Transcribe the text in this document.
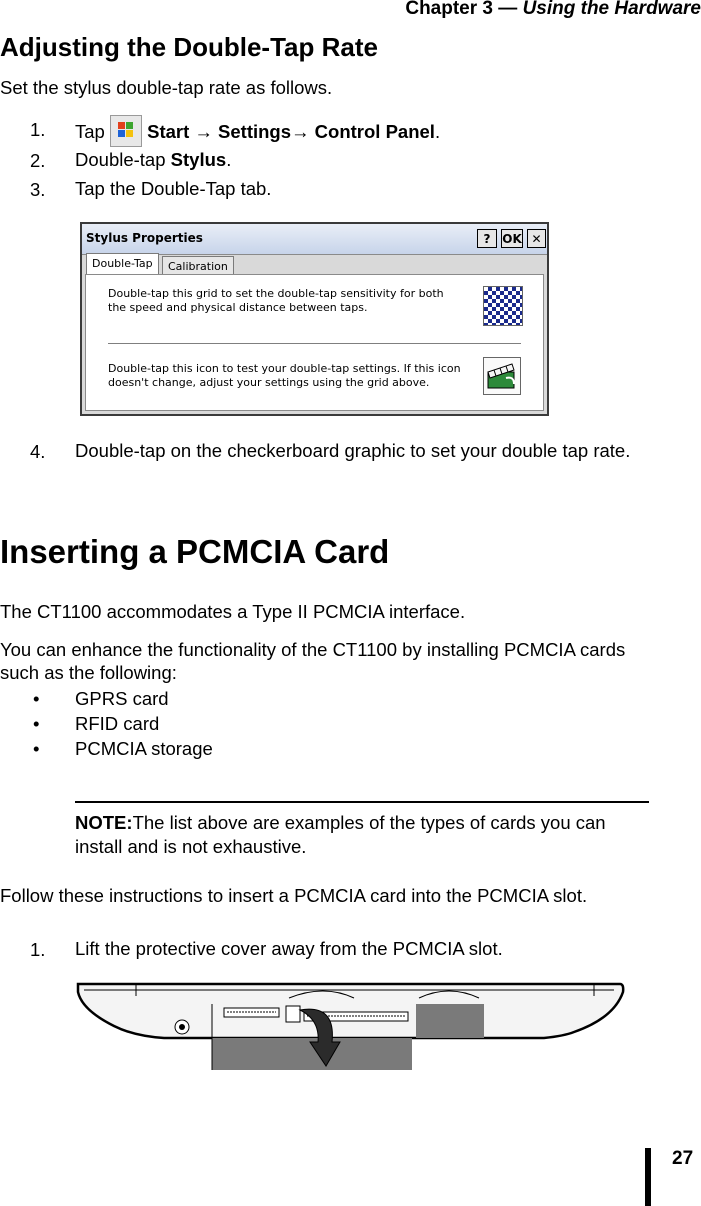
Chapter 3 — Using the Hardware
Adjusting the Double-Tap Rate
Set the stylus double-tap rate as follows.
1. Tap Start → Settings→ Control Panel.
2. Double-tap Stylus.
3. Tap the Double-Tap tab.
Stylus Properties	? OK ✕
Double-Tap	Calibration
Double-tap this grid to set the double-tap sensitivity for both
the speed and physical distance between taps.
Double-tap this icon to test your double-tap settings. If this icon
doesn't change, adjust your settings using the grid above.
4. Double-tap on the checkerboard graphic to set your double tap rate.
Inserting a PCMCIA Card
The CT1100 accommodates a Type II PCMCIA interface.
You can enhance the functionality of the CT1100 by installing PCMCIA cards such as the following:
• GPRS card
• RFID card
• PCMCIA storage
NOTE:The list above are examples of the types of cards you can install and is not exhaustive.
Follow these instructions to insert a PCMCIA card into the PCMCIA slot.
1. Lift the protective cover away from the PCMCIA slot.
27
